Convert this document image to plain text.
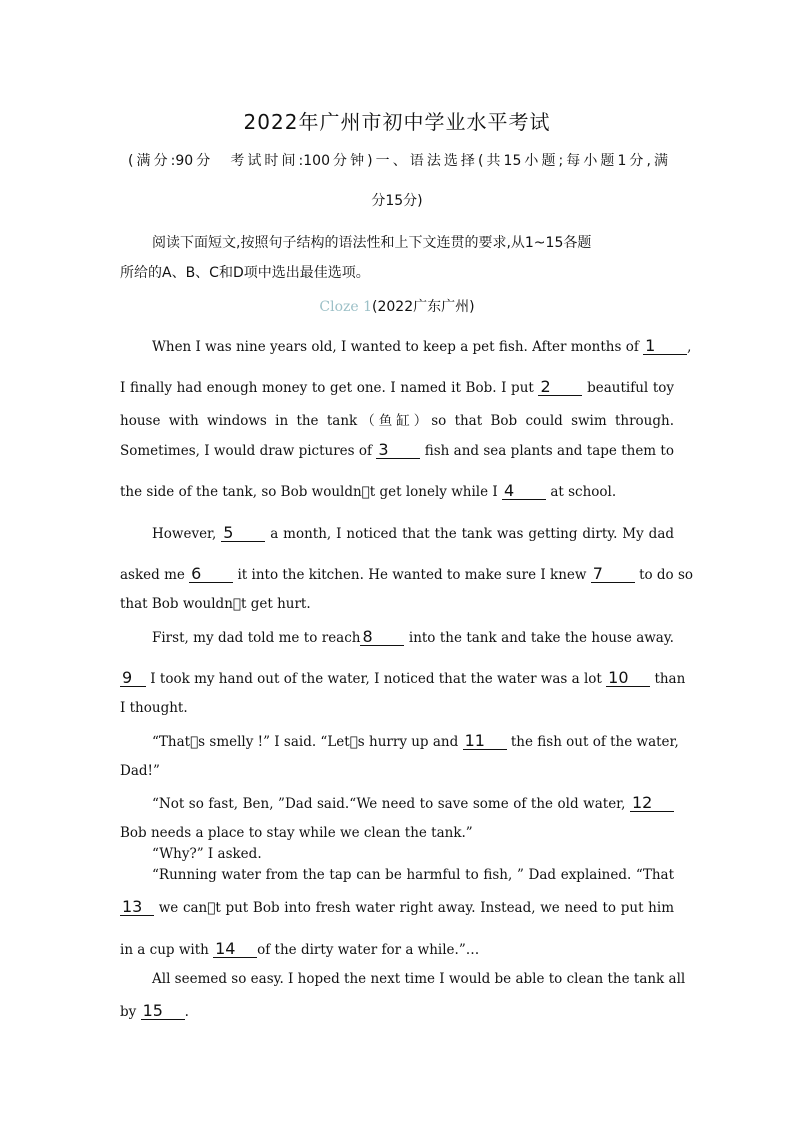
2022年广州市初中学业水平考试
(满分:90分　考试时间:100分钟)一、语法选择(共15小题;每小题1分,满
分15分)
阅读下面短文,按照句子结构的语法性和上下文连贯的要求,从1~15各题
所给的A、B、C和D项中选出最佳选项。
Cloze 1(2022广东广州)
When I was nine years old, I wanted to keep a pet fish. After months of 1 ,
I finally had enough money to get one. I named it Bob. I put 2	beautiful toy
house with windows in the tank（鱼缸）so that Bob could swim through.
Sometimes, I would draw pictures of 3	fish and sea plants and tape them to
the side of the tank, so Bob wouldn t get lonely while I 4	at school.
However, 5	a month, I noticed that the tank was getting dirty. My dad
asked me 6	it into the kitchen. He wanted to make sure I knew 7	to do so
that Bob wouldn t get hurt.
First, my dad told me to reach 8	into the tank and take the house away.
9 I took my hand out of the water, I noticed that the water was a lot 10 than
I thought.
“That s smelly !” I said. “Let s hurry up and 11 the fish out of the water,
Dad!”
“Not so fast, Ben, ”Dad said.“We need to save some of the old water, 12
Bob needs a place to stay while we clean the tank.”
“Why?” I asked.
“Running water from the tap can be harmful to fish, ” Dad explained. “That
13 we can t put Bob into fresh water right away. Instead, we need to put him
in a cup with 14 of the dirty water for a while.”…
All seemed so easy. I hoped the next time I would be able to clean the tank all
by 15 .
